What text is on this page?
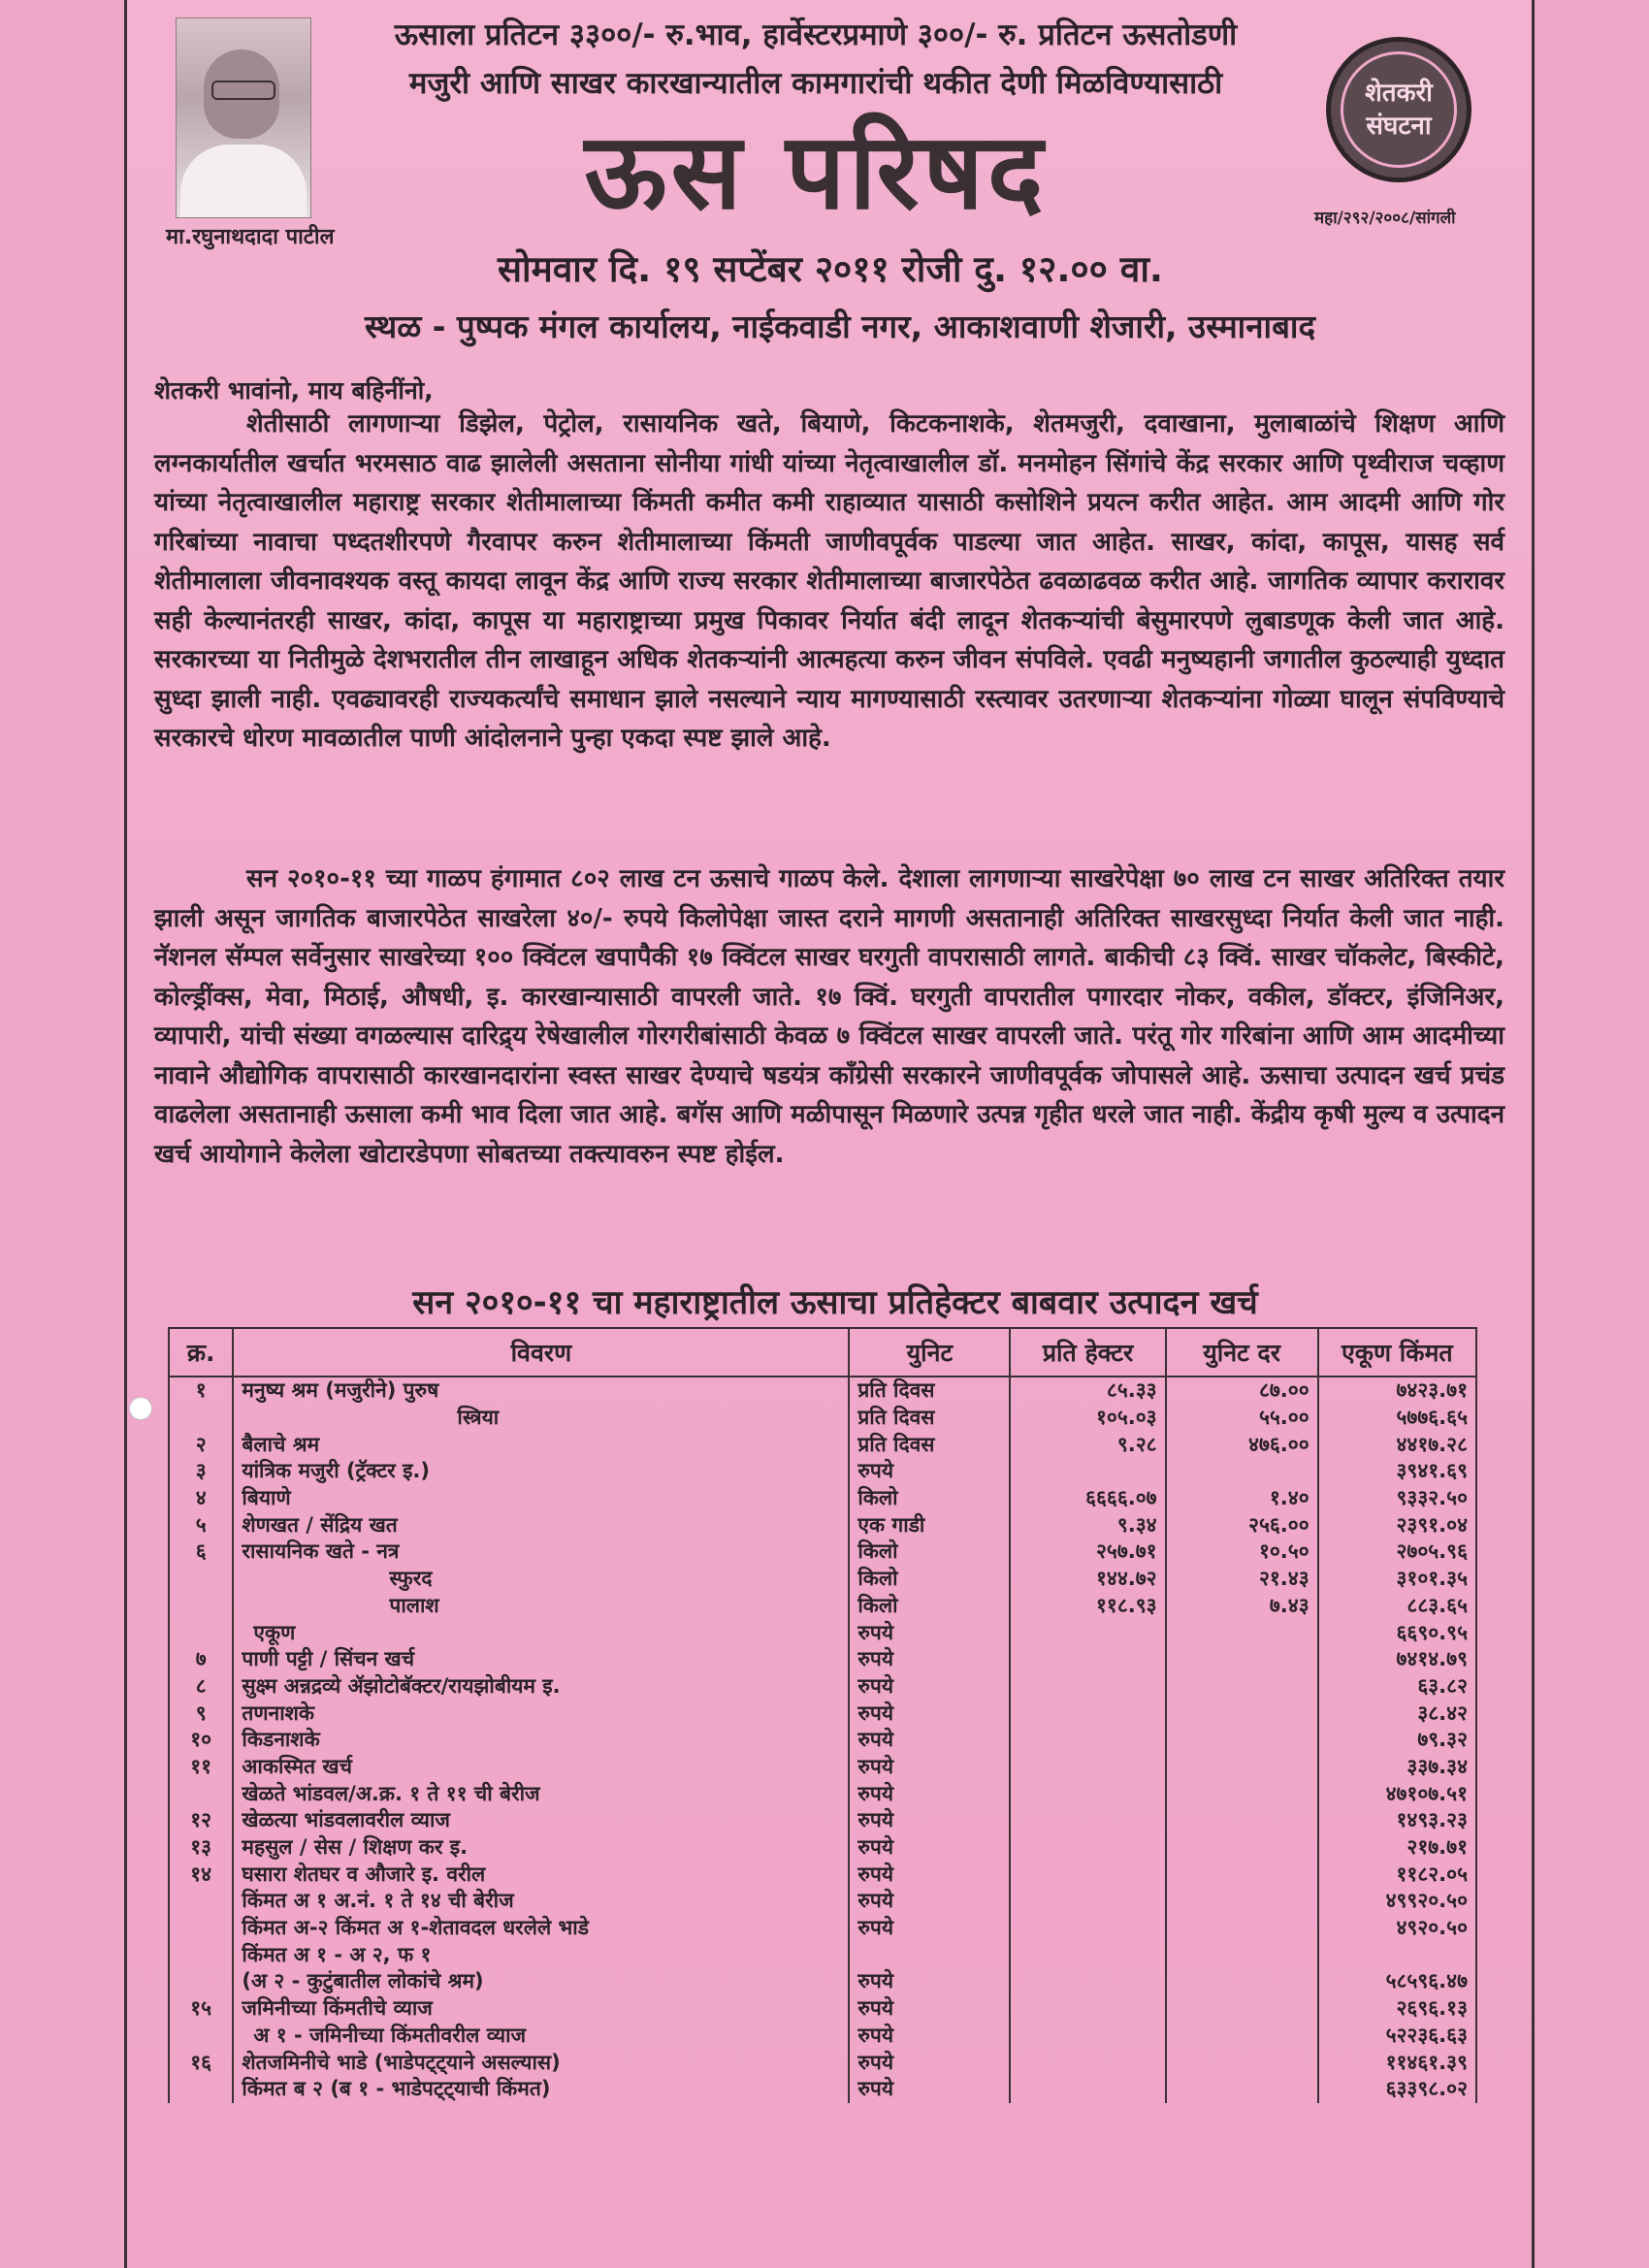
मा.रघुनाथदादा पाटील
शेतकरी संघटना
महा/२९२/२००८/सांगली
ऊसाला प्रतिटन ३३००/- रु.भाव, हार्वेस्टरप्रमाणे ३००/- रु. प्रतिटन ऊसतोडणी
मजुरी आणि साखर कारखान्यातील कामगारांची थकीत देणी मिळविण्यासाठी
ऊस परिषद
सोमवार दि. १९ सप्टेंबर २०११ रोजी दु. १२.०० वा.
स्थळ - पुष्पक मंगल कार्यालय, नाईकवाडी नगर, आकाशवाणी शेजारी, उस्मानाबाद
शेतकरी भावांनो, माय बहिनींनो,

शेतीसाठी लागणाऱ्या डिझेल, पेट्रोल, रासायनिक खते, बियाणे, किटकनाशके, शेतमजुरी, दवाखाना, मुलाबाळांचे शिक्षण आणि लग्नकार्यातील खर्चात भरमसाठ वाढ झालेली असताना सोनीया गांधी यांच्या नेतृत्वाखालील डॉ. मनमोहन सिंगांचे केंद्र सरकार आणि पृथ्वीराज चव्हाण यांच्या नेतृत्वाखालील महाराष्ट्र सरकार शेतीमालाच्या किंमती कमीत कमी राहाव्यात यासाठी कसोशिने प्रयत्न करीत आहेत. आम आदमी आणि गोर गरिबांच्या नावाचा पध्दतशीरपणे गैरवापर करुन शेतीमालाच्या किंमती जाणीवपूर्वक पाडल्या जात आहेत. साखर, कांदा, कापूस, यासह सर्व शेतीमालाला जीवनावश्यक वस्तू कायदा लावून केंद्र आणि राज्य सरकार शेतीमालाच्या बाजारपेठेत ढवळाढवळ करीत आहे. जागतिक व्यापार करारावर सही केल्यानंतरही साखर, कांदा, कापूस या महाराष्ट्राच्या प्रमुख पिकावर निर्यात बंदी लादून शेतकऱ्यांची बेसुमारपणे लुबाडणूक केली जात आहे. सरकारच्या या नितीमुळे देशभरातील तीन लाखाहून अधिक शेतकऱ्यांनी आत्महत्या करुन जीवन संपविले. एवढी मनुष्यहानी जगातील कुठल्याही युध्दात सुध्दा झाली नाही. एवढ्यावरही राज्यकर्त्यांचे समाधान झाले नसल्याने न्याय मागण्यासाठी रस्त्यावर उतरणाऱ्या शेतकऱ्यांना गोळ्या घालून संपविण्याचे सरकारचे धोरण मावळातील पाणी आंदोलनाने पुन्हा एकदा स्पष्ट झाले आहे.

सन २०१०-११ च्या गाळप हंगामात ८०२ लाख टन ऊसाचे गाळप केले. देशाला लागणाऱ्या साखरेपेक्षा ७० लाख टन साखर अतिरिक्त तयार झाली असून जागतिक बाजारपेठेत साखरेला ४०/- रुपये किलोपेक्षा जास्त दराने मागणी असतानाही अतिरिक्त साखरसुध्दा निर्यात केली जात नाही. नॅशनल सॅम्पल सर्वेनुसार साखरेच्या १०० क्विंटल खपापैकी १७ क्विंटल साखर घरगुती वापरासाठी लागते. बाकीची ८३ क्विं. साखर चॉकलेट, बिस्कीटे, कोल्ड्रींक्स, मेवा, मिठाई, औषधी, इ. कारखान्यासाठी वापरली जाते. १७ क्विं. घरगुती वापरातील पगारदार नोकर, वकील, डॉक्टर, इंजिनिअर, व्यापारी, यांची संख्या वगळल्यास दारिद्र्य रेषेखालील गोरगरीबांसाठी केवळ ७ क्विंटल साखर वापरली जाते. परंतू गोर गरिबांना आणि आम आदमीच्या नावाने औद्योगिक वापरासाठी कारखानदारांना स्वस्त साखर देण्याचे षडयंत्र काँग्रेसी सरकारने जाणीवपूर्वक जोपासले आहे. ऊसाचा उत्पादन खर्च प्रचंड वाढलेला असतानाही ऊसाला कमी भाव दिला जात आहे. बगॅस आणि मळीपासून मिळणारे उत्पन्न गृहीत धरले जात नाही. केंद्रीय कृषी मुल्य व उत्पादन खर्च आयोगाने केलेला खोटारडेपणा सोबतच्या तक्त्यावरुन स्पष्ट होईल.

सन २०१०-११ चा महाराष्ट्रातील ऊसाचा प्रतिहेक्टर बाबवार उत्पादन खर्च
क्र.	विवरण	युनिट	प्रति हेक्टर	युनिट दर	एकूण किंमत
१	मनुष्य श्रम (मजुरीने) पुरुष	प्रति दिवस	८५.३३	८७.००	७४२३.७१
	स्त्रिया	प्रति दिवस	१०५.०३	५५.००	५७७६.६५
२	बैलाचे श्रम	प्रति दिवस	९.२८	४७६.००	४४१७.२८
३	यांत्रिक मजुरी (ट्रॅक्टर इ.)	रुपये			३९४१.६९
४	बियाणे	किलो	६६६६.०७	१.४०	९३३२.५०
५	शेणखत / सेंद्रिय खत	एक गाडी	९.३४	२५६.००	२३९१.०४
६	रासायनिक खते - नत्र	किलो	२५७.७१	१०.५०	२७०५.९६
	स्फुरद	किलो	१४४.७२	२१.४३	३१०१.३५
	पालाश	किलो	११८.९३	७.४३	८८३.६५
	एकूण	रुपये			६६९०.९५
७	पाणी पट्टी / सिंचन खर्च	रुपये			७४१४.७९
८	सुक्ष्म अन्नद्रव्ये ॲझोटोबॅक्टर/रायझोबीयम इ.	रुपये			६३.८२
९	तणनाशके	रुपये			३८.४२
१०	किडनाशके	रुपये			७९.३२
११	आकस्मित खर्च	रुपये			३३७.३४
	खेळते भांडवल/अ.क्र. १ ते ११ ची बेरीज	रुपये			४७१०७.५१
१२	खेळत्या भांडवलावरील व्याज	रुपये			१४९३.२३
१३	महसुल / सेस / शिक्षण कर इ.	रुपये			२१७.७१
१४	घसारा शेतघर व औजारे इ. वरील	रुपये			११८२.०५
	किंमत अ १ अ.नं. १ ते १४ ची बेरीज	रुपये			४९९२०.५०
	किंमत अ-२ किंमत अ १-शेतावदल धरलेले भाडे	रुपये			४९२०.५०
	किंमत अ १ - अ २, फ १				
	(अ २ - कुटुंबातील लोकांचे श्रम)	रुपये			५८५९६.४७
१५	जमिनीच्या किंमतीचे व्याज	रुपये			२६९६.१३
	अ १ - जमिनीच्या किंमतीवरील व्याज	रुपये			५२२३६.६३
१६	शेतजमिनीचे भाडे (भाडेपट्ट्याने असल्यास)	रुपये			११४६१.३९
	किंमत ब २ (ब १ - भाडेपट्ट्याची किंमत)	रुपये			६३३९८.०२
